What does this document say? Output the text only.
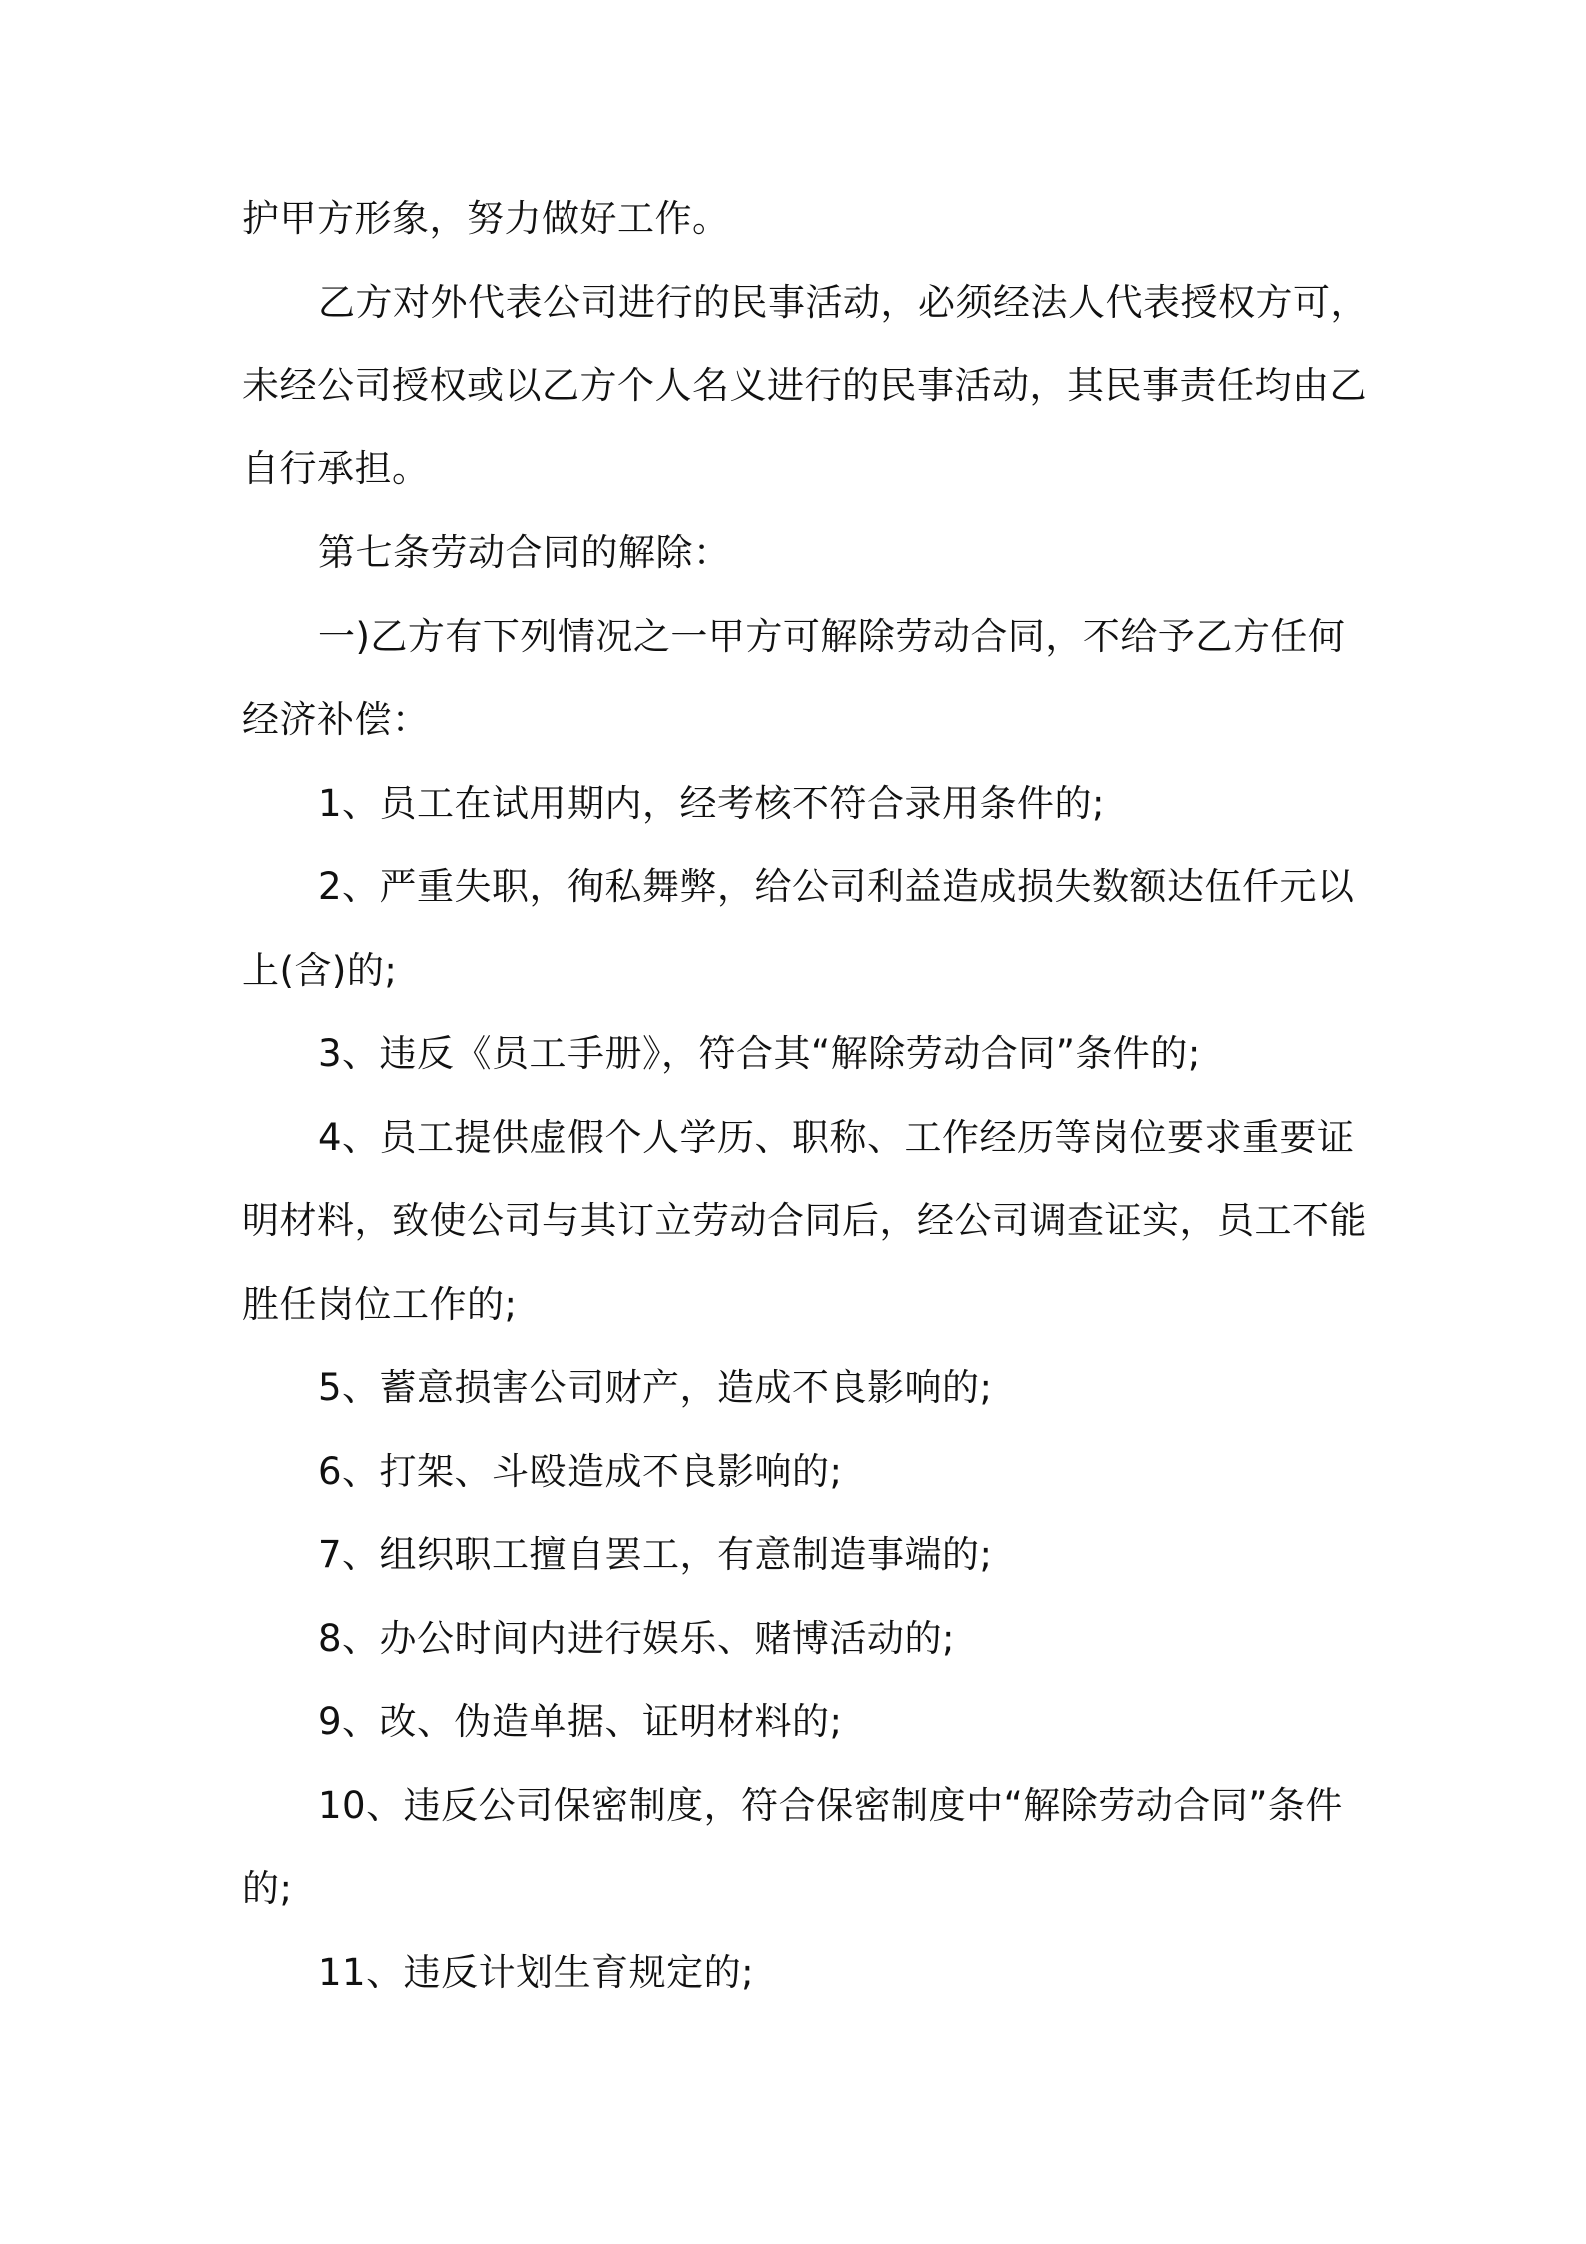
护甲方形象，努力做好工作。
乙方对外代表公司进行的民事活动，必须经法人代表授权方可，
未经公司授权或以乙方个人名义进行的民事活动，其民事责任均由乙
自行承担。
第七条劳动合同的解除：
一)乙方有下列情况之一甲方可解除劳动合同，不给予乙方任何
经济补偿：
1、员工在试用期内，经考核不符合录用条件的;
2、严重失职，徇私舞弊，给公司利益造成损失数额达伍仟元以
上(含)的;
3、违反《员工手册》，符合其“解除劳动合同”条件的;
4、员工提供虚假个人学历、职称、工作经历等岗位要求重要证
明材料，致使公司与其订立劳动合同后，经公司调查证实，员工不能
胜任岗位工作的;
5、蓄意损害公司财产，造成不良影响的;
6、打架、斗殴造成不良影响的;
7、组织职工擅自罢工，有意制造事端的;
8、办公时间内进行娱乐、赌博活动的;
9、改、伪造单据、证明材料的;
10、违反公司保密制度，符合保密制度中“解除劳动合同”条件
的;
11、违反计划生育规定的;
